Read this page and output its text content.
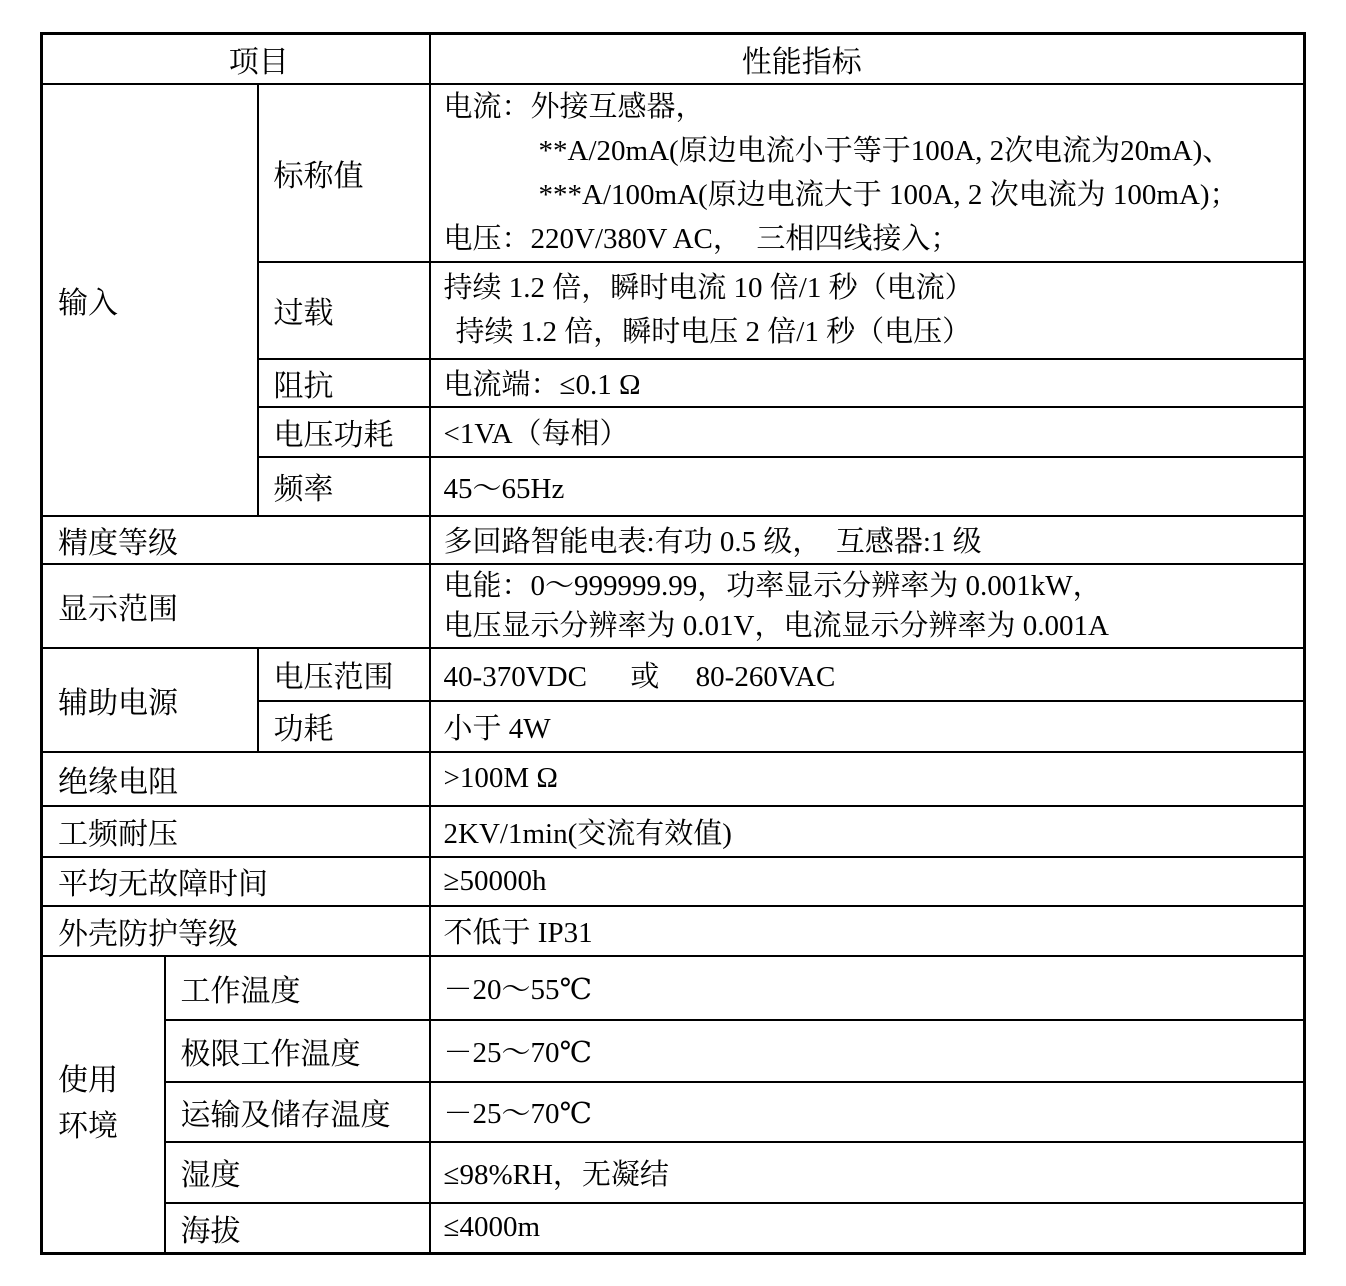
项目			性能指标
输入		标称值	电流：外接互感器，
**A/20mA(原边电流小于等于100A, 2次电流为20mA)、
***A/100mA(原边电流大于 100A, 2 次电流为 100mA)；
电压：220V/380V AC，　三相四线接入；

		过载	持续 1.2 倍，瞬时电流 10 倍/1 秒（电流）
持续 1.2 倍，瞬时电压 2 倍/1 秒（电压）

		阻抗	电流端：≤0.1 Ω
		电压功耗	<1VA（每相）
		频率	45～65Hz
精度等级			多回路智能电表:有功 0.5 级，　互感器:1 级
显示范围			电能：0～999999.99，功率显示分辨率为 0.001kW，
电压显示分辨率为 0.01V，电流显示分辨率为 0.001A

辅助电源		电压范围	40-370VDC　  或　 80-260VAC
		功耗	小于 4W
绝缘电阻			>100M Ω
工频耐压			2KV/1min(交流有效值)
平均无故障时间			≥50000h
外壳防护等级			不低于 IP31

使用
环境	工作温度		－20～55℃
	极限工作温度		－25～70℃
	运输及储存温度		－25～70℃
	湿度		≤98%RH，无凝结
	海拔		≤4000m
